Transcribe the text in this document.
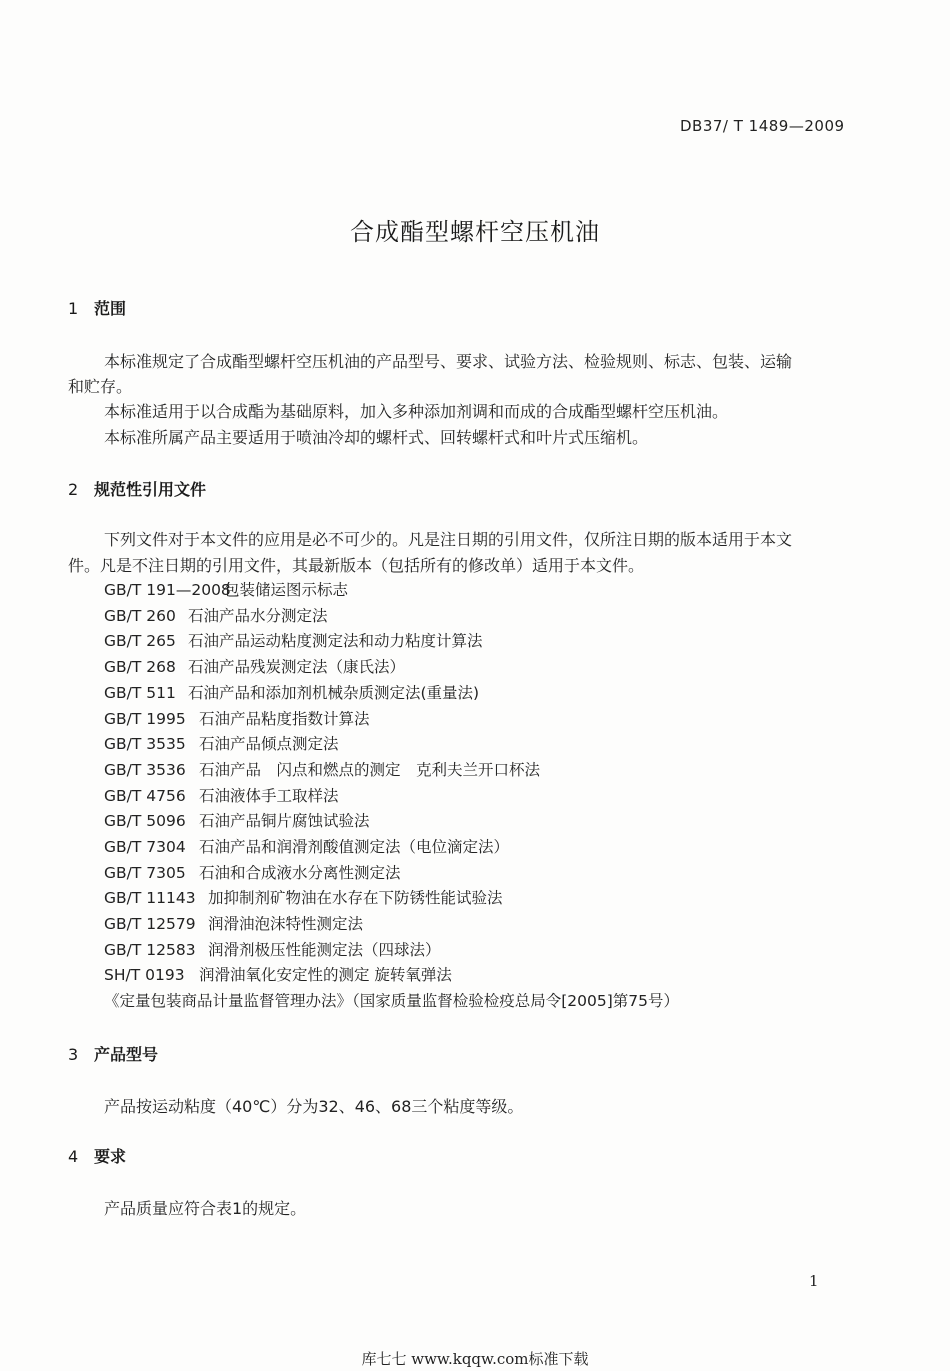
DB37/ T 1489—2009
合成酯型螺杆空压机油
1 范围
本标准规定了合成酯型螺杆空压机油的产品型号、要求、试验方法、检验规则、标志、包装、运输
和贮存。
本标准适用于以合成酯为基础原料，加入多种添加剂调和而成的合成酯型螺杆空压机油。
本标准所属产品主要适用于喷油冷却的螺杆式、回转螺杆式和叶片式压缩机。
2 规范性引用文件
下列文件对于本文件的应用是必不可少的。凡是注日期的引用文件，仅所注日期的版本适用于本文
件。凡是不注日期的引用文件，其最新版本（包括所有的修改单）适用于本文件。
GB/T 191—2008包装储运图示标志
GB/T 260 石油产品水分测定法
GB/T 265 石油产品运动粘度测定法和动力粘度计算法
GB/T 268 石油产品残炭测定法（康氏法）
GB/T 511 石油产品和添加剂机械杂质测定法(重量法)
GB/T 1995 石油产品粘度指数计算法
GB/T 3535 石油产品倾点测定法
GB/T 3536 石油产品　闪点和燃点的测定　克利夫兰开口杯法
GB/T 4756 石油液体手工取样法
GB/T 5096 石油产品铜片腐蚀试验法
GB/T 7304 石油产品和润滑剂酸值测定法（电位滴定法）
GB/T 7305 石油和合成液水分离性测定法
GB/T 11143 加抑制剂矿物油在水存在下防锈性能试验法
GB/T 12579 润滑油泡沫特性测定法
GB/T 12583 润滑剂极压性能测定法（四球法）
SH/T 0193 润滑油氧化安定性的测定 旋转氧弹法
《定量包装商品计量监督管理办法》（国家质量监督检验检疫总局令[2005]第75号）
3 产品型号
产品按运动粘度（40℃）分为32、46、68三个粘度等级。
4 要求
产品质量应符合表1的规定。
1
库七七 www.kqqw.com标准下载
